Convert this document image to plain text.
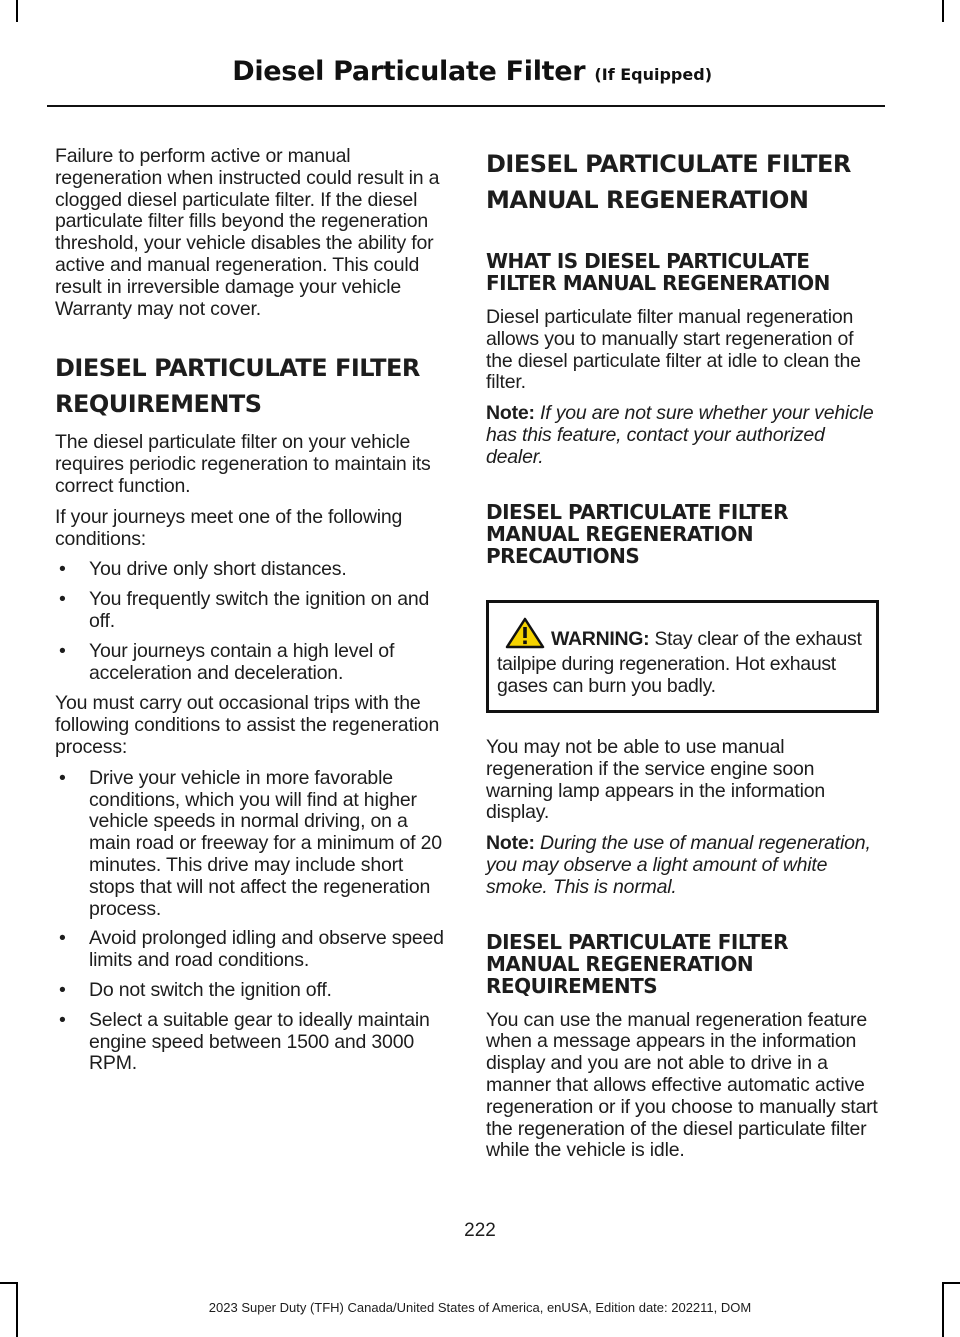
Diesel Particulate Filter (If Equipped)

Failure to perform active or manual regeneration when instructed could result in a clogged diesel particulate filter. If the diesel particulate filter fills beyond the regeneration threshold, your vehicle disables the ability for active and manual regeneration. This could result in irreversible damage your vehicle Warranty may not cover.

DIESEL PARTICULATE FILTER
REQUIREMENTS

The diesel particulate filter on your vehicle requires periodic regeneration to maintain its correct function.

If your journeys meet one of the following conditions:

• You drive only short distances.
• You frequently switch the ignition on and off.
• Your journeys contain a high level of acceleration and deceleration.

You must carry out occasional trips with the following conditions to assist the regeneration process:

• Drive your vehicle in more favorable conditions, which you will find at higher vehicle speeds in normal driving, on a main road or freeway for a minimum of 20 minutes. This drive may include short stops that will not affect the regeneration process.
• Avoid prolonged idling and observe speed limits and road conditions.
• Do not switch the ignition off.
• Select a suitable gear to ideally maintain engine speed between 1500 and 3000 RPM.
DIESEL PARTICULATE FILTER
MANUAL REGENERATION
WHAT IS DIESEL PARTICULATE FILTER MANUAL REGENERATION

Diesel particulate filter manual regeneration allows you to manually start regeneration of the diesel particulate filter at idle to clean the filter.

Note: If you are not sure whether your vehicle has this feature, contact your authorized dealer.

DIESEL PARTICULATE FILTER MANUAL REGENERATION PRECAUTIONS
WARNING: Stay clear of the exhaust tailpipe during regeneration. Hot exhaust gases can burn you badly.

You may not be able to use manual regeneration if the service engine soon warning lamp appears in the information display.

Note: During the use of manual regeneration, you may observe a light amount of white smoke. This is normal.

DIESEL PARTICULATE FILTER MANUAL REGENERATION REQUIREMENTS

You can use the manual regeneration feature when a message appears in the information display and you are not able to drive in a manner that allows effective automatic active regeneration or if you choose to manually start the regeneration of the diesel particulate filter while the vehicle is idle.

222
2023 Super Duty (TFH) Canada/United States of America, enUSA, Edition date: 202211, DOM
